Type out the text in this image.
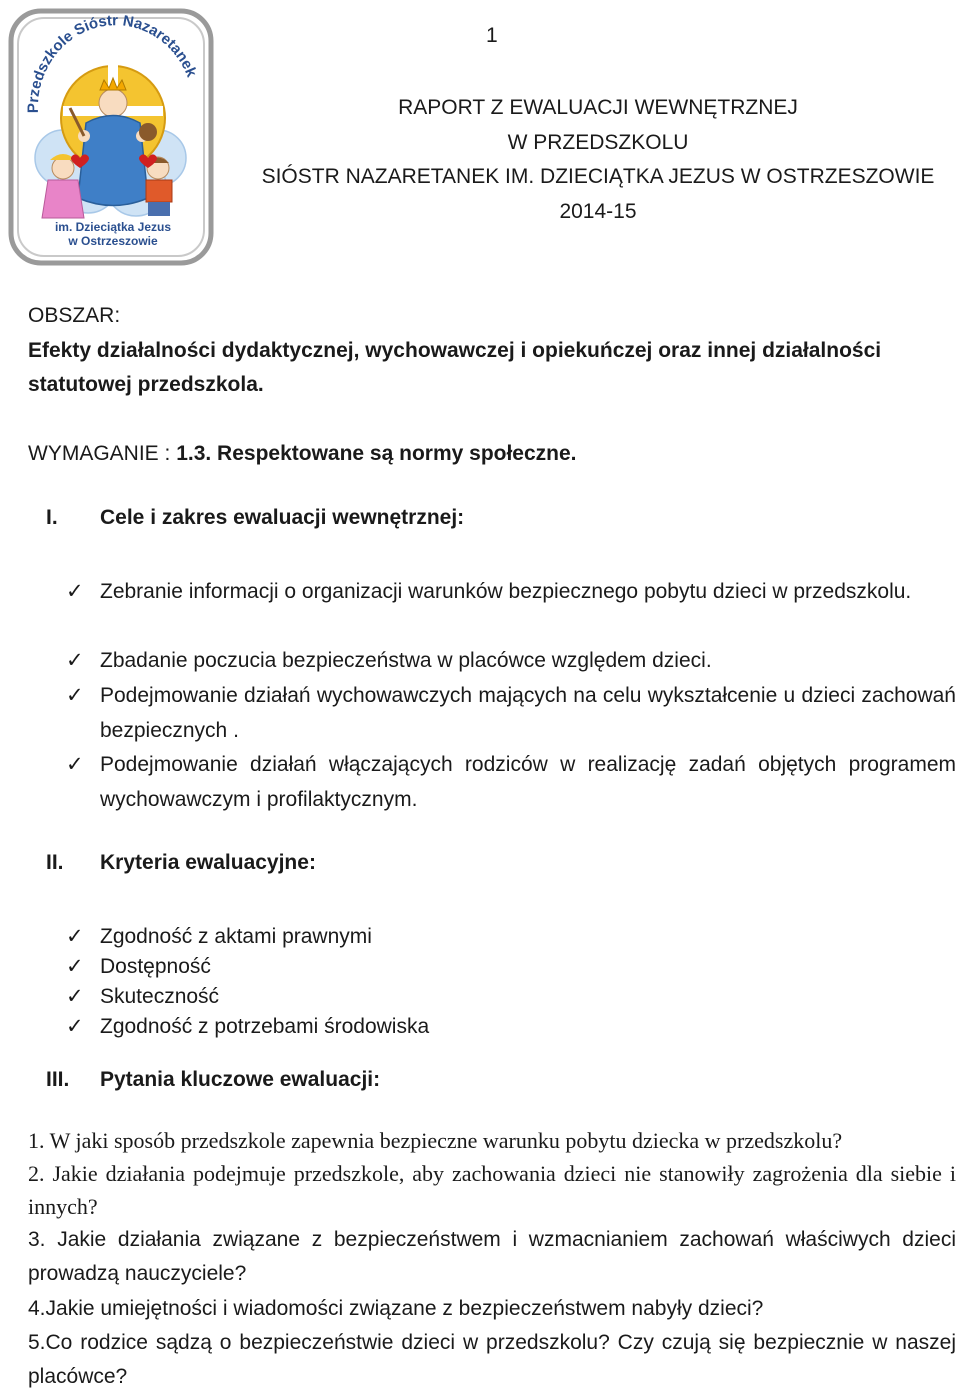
1
Przedszkole Sióstr Nazaretanek
im. Dzieciątka Jezus
w Ostrzeszowie
RAPORT Z EWALUACJI WEWNĘTRZNEJ
W PRZEDSZKOLU
SIÓSTR NAZARETANEK IM. DZIECIĄTKA JEZUS W OSTRZESZOWIE
2014-15
OBSZAR:
Efekty działalności dydaktycznej, wychowawczej i opiekuńczej oraz innej działalności
statutowej przedszkola.
WYMAGANIE : 1.3. Respektowane są normy społeczne.
I. Cele i zakres ewaluacji wewnętrznej:
✓ Zebranie informacji o organizacji warunków bezpiecznego pobytu dzieci w przedszkolu.
✓ Zbadanie poczucia bezpieczeństwa w placówce względem dzieci.
✓ Podejmowanie działań wychowawczych mających na celu wykształcenie u dzieci zachowań bezpiecznych .
✓ Podejmowanie działań włączających rodziców w realizację zadań objętych programem wychowawczym i profilaktycznym.
II. Kryteria ewaluacyjne:
✓ Zgodność z aktami prawnymi
✓ Dostępność
✓ Skuteczność
✓ Zgodność z potrzebami środowiska
III. Pytania kluczowe ewaluacji:
1. W jaki sposób przedszkole zapewnia bezpieczne warunku pobytu dziecka w przedszkolu?
2. Jakie działania podejmuje przedszkole, aby zachowania dzieci nie stanowiły zagrożenia dla siebie i innych?
3. Jakie działania związane z bezpieczeństwem i wzmacnianiem zachowań właściwych dzieci prowadzą nauczyciele?
4.Jakie umiejętności i wiadomości związane z bezpieczeństwem nabyły dzieci?
5.Co rodzice sądzą o bezpieczeństwie dzieci w przedszkolu? Czy czują się bezpiecznie w naszej placówce?
